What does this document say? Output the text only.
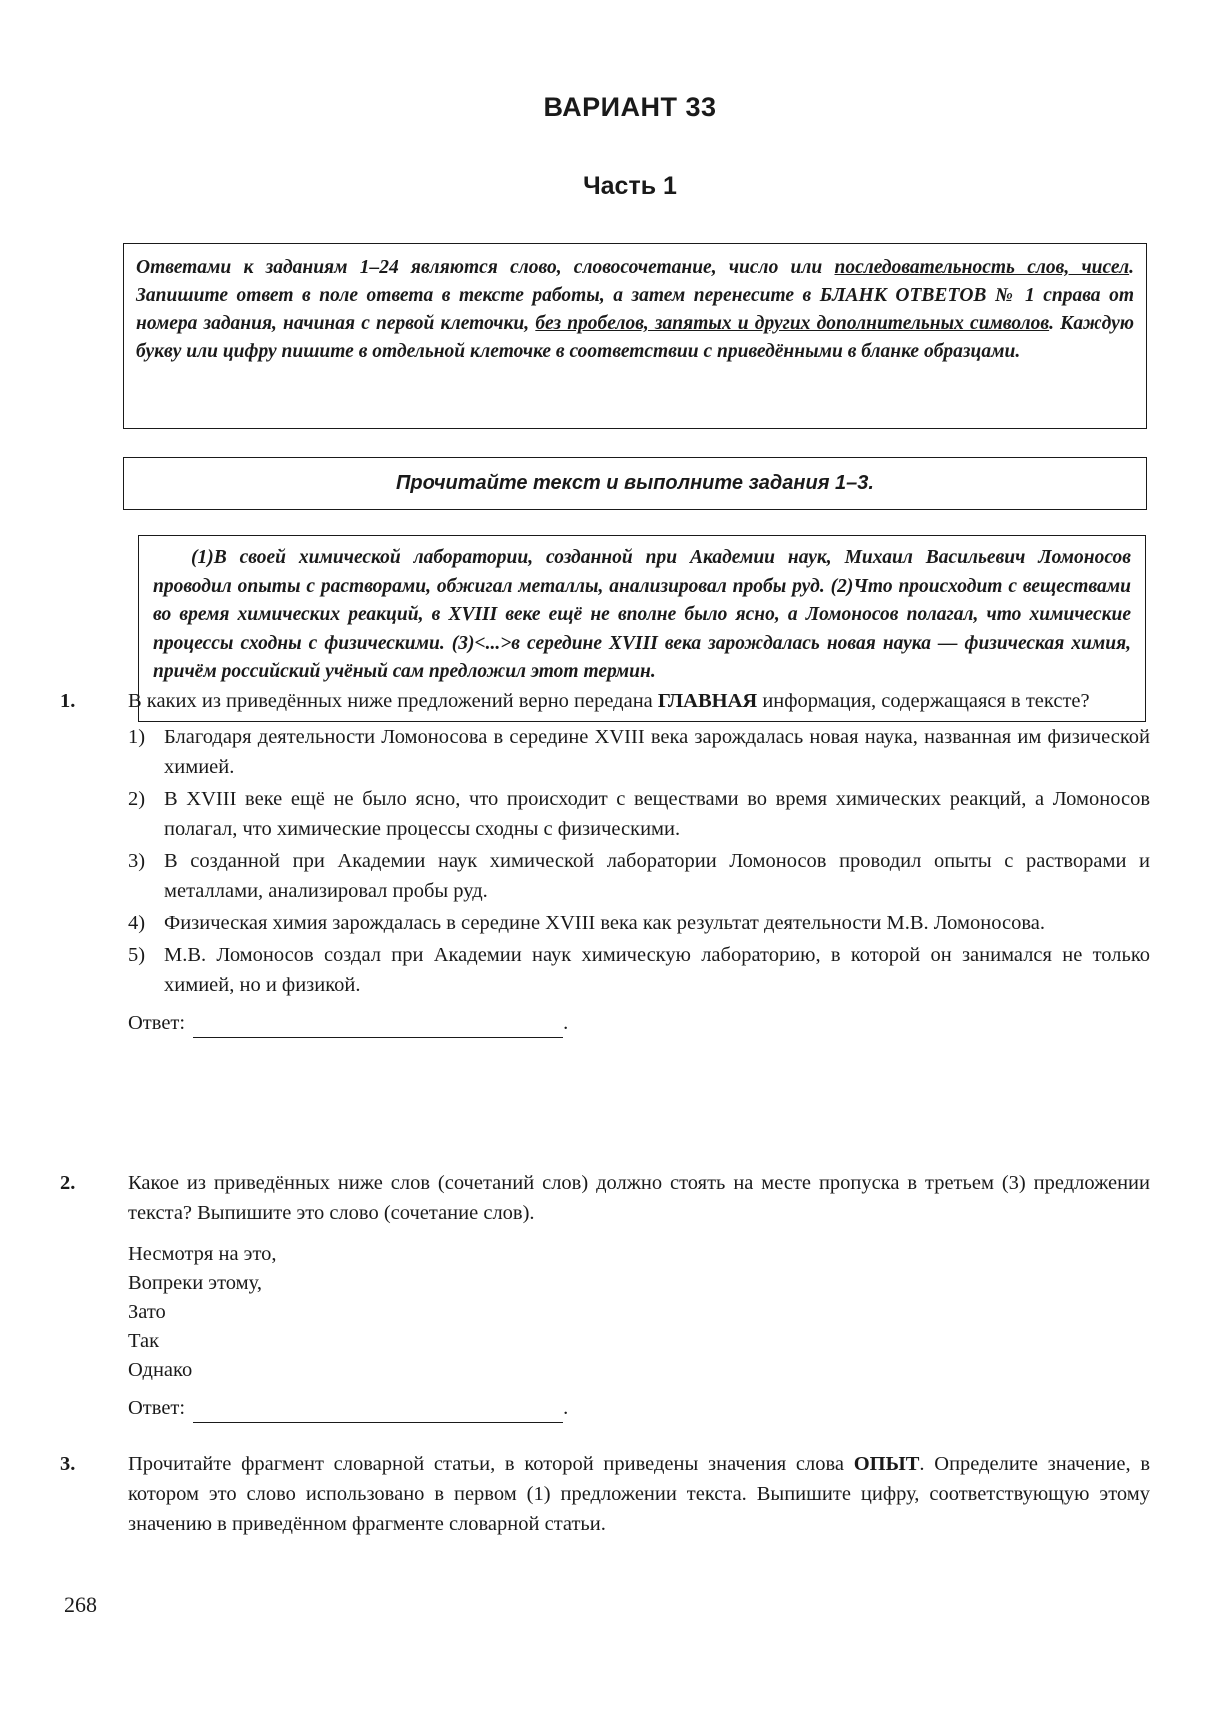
ВАРИАНТ 33
Часть 1

Ответами к заданиям 1–24 являются слово, словосочетание, число или последовательность слов, чисел. Запишите ответ в поле ответа в тексте работы, а затем перенесите в БЛАНК ОТВЕТОВ № 1 справа от номера задания, начиная с первой клеточки, без пробелов, запятых и других дополнительных символов. Каждую букву или цифру пишите в отдельной клеточке в соответствии с приведёнными в бланке образцами.

Прочитайте текст и выполните задания 1–3.

(1)В своей химической лаборатории, созданной при Академии наук, Михаил Васильевич Ломоносов проводил опыты с растворами, обжигал металлы, анализировал пробы руд. (2)Что происходит с веществами во время химических реакций, в XVIII веке ещё не вполне было ясно, а Ломоносов полагал, что химические процессы сходны с физическими. (3)<...>в середине XVIII века зарождалась новая наука — физическая химия, причём российский учёный сам предложил этот термин.

1.	В каких из приведённых ниже предложений верно передана ГЛАВНАЯ информация, содержащаяся в тексте?

1) Благодаря деятельности Ломоносова в середине XVIII века зарождалась новая наука, названная им физической химией.
2) В XVIII веке ещё не было ясно, что происходит с веществами во время химических реакций, а Ломоносов полагал, что химические процессы сходны с физическими.
3) В созданной при Академии наук химической лаборатории Ломоносов проводил опыты с растворами и металлами, анализировал пробы руд.
4) Физическая химия зарождалась в середине XVIII века как результат деятельности М.В. Ломоносова.
5) М.В. Ломоносов создал при Академии наук химическую лабораторию, в которой он занимался не только химией, но и физикой.
Ответ:	.
2.	Какое из приведённых ниже слов (сочетаний слов) должно стоять на месте пропуска в третьем (3) предложении текста? Выпишите это слово (сочетание слов).

Несмотря на это,
Вопреки этому,
Зато
Так
Однако
Ответ:	.
3.	Прочитайте фрагмент словарной статьи, в которой приведены значения слова ОПЫТ. Определите значение, в котором это слово использовано в первом (1) предложении текста. Выпишите цифру, соответствующую этому значению в приведённом фрагменте словарной статьи.

268
